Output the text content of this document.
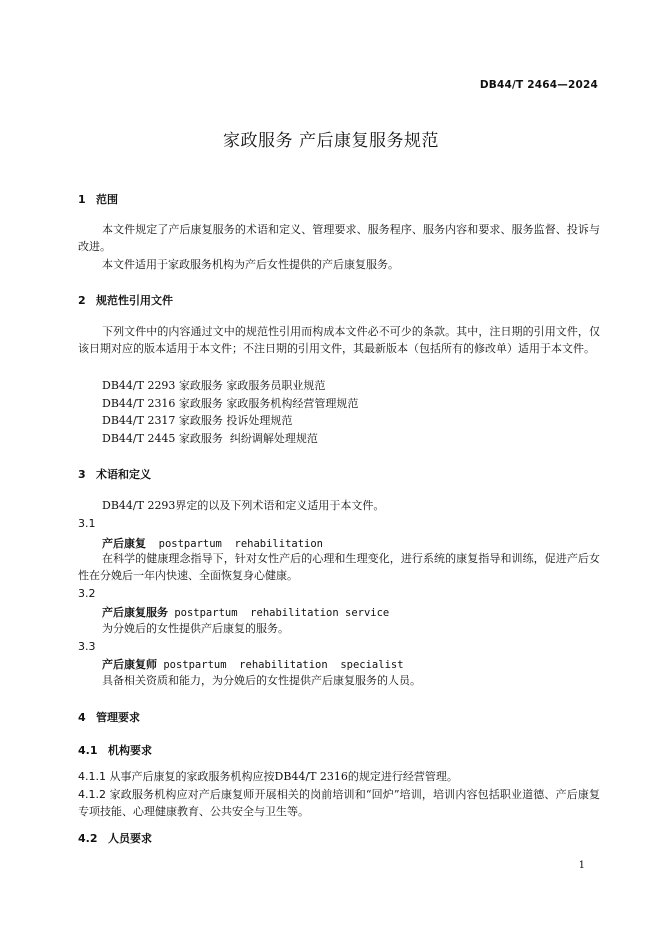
DB44/T 2464—2024
家政服务 产后康复服务规范
1 范围
本文件规定了产后康复服务的术语和定义、管理要求、服务程序、服务内容和要求、服务监督、投诉与改进。
本文件适用于家政服务机构为产后女性提供的产后康复服务。
2 规范性引用文件
下列文件中的内容通过文中的规范性引用而构成本文件必不可少的条款。其中，注日期的引用文件，仅该日期对应的版本适用于本文件；不注日期的引用文件，其最新版本（包括所有的修改单）适用于本文件。
DB44/T 2293 家政服务 家政服务员职业规范
DB44/T 2316 家政服务 家政服务机构经营管理规范
DB44/T 2317 家政服务 投诉处理规范
DB44/T 2445 家政服务  纠纷调解处理规范
3 术语和定义
DB44/T 2293界定的以及下列术语和定义适用于本文件。
3.1
产后康复  postpartum  rehabilitation
在科学的健康理念指导下，针对女性产后的心理和生理变化，进行系统的康复指导和训练，促进产后女性在分娩后一年内快速、全面恢复身心健康。
3.2
产后康复服务 postpartum  rehabilitation service
为分娩后的女性提供产后康复的服务。
3.3
产后康复师 postpartum  rehabilitation  specialist
具备相关资质和能力，为分娩后的女性提供产后康复服务的人员。
4 管理要求
4.1 机构要求
4.1.1 从事产后康复的家政服务机构应按DB44/T 2316的规定进行经营管理。
4.1.2 家政服务机构应对产后康复师开展相关的岗前培训和“回炉”培训，培训内容包括职业道德、产后康复专项技能、心理健康教育、公共安全与卫生等。
4.2 人员要求
1
